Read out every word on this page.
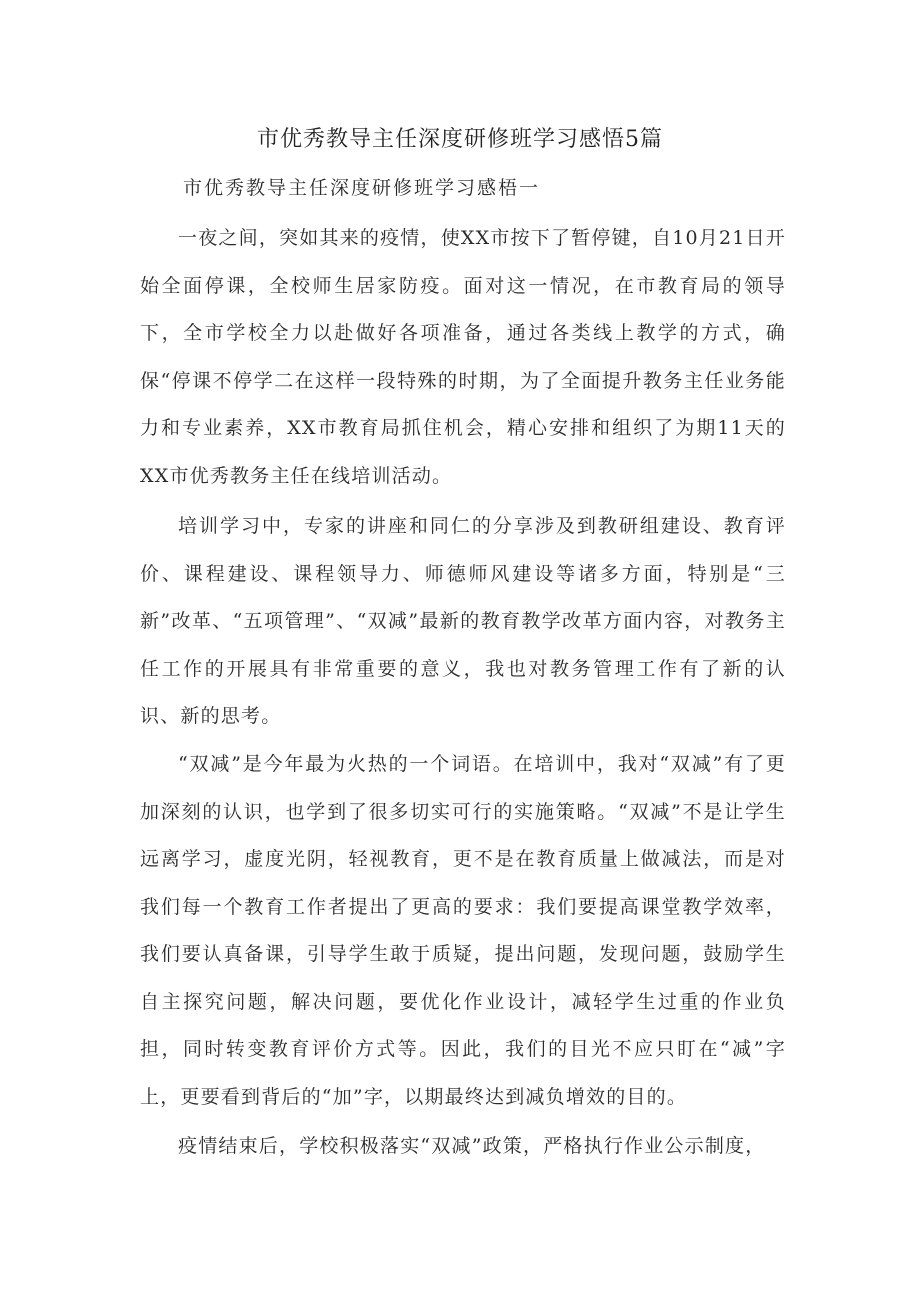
市优秀教导主任深度研修班学习感悟5篇
市优秀教导主任深度研修班学习感梧一

一夜之间，突如其来的疫情，使XX市按下了暂停键，自10月21日开始全面停课，全校师生居家防疫。面对这一情况，在市教育局的领导下，全市学校全力以赴做好各项准备，通过各类线上教学的方式，确保“停课不停学二在这样一段特殊的时期，为了全面提升教务主任业务能力和专业素养，XX市教育局抓住机会，精心安排和组织了为期11天的XX市优秀教务主任在线培训活动。

培训学习中，专家的讲座和同仁的分享涉及到教研组建设、教育评价、课程建设、课程领导力、师德师风建设等诸多方面，特别是“三新”改革、“五项管理”、“双减”最新的教育教学改革方面内容，对教务主任工作的开展具有非常重要的意义，我也对教务管理工作有了新的认识、新的思考。

“双减”是今年最为火热的一个词语。在培训中，我对“双减”有了更加深刻的认识，也学到了很多切实可行的实施策略。“双减”不是让学生远离学习，虚度光阴，轻视教育，更不是在教育质量上做减法，而是对我们每一个教育工作者提出了更高的要求：我们要提高课堂教学效率，我们要认真备课，引导学生敢于质疑，提出问题，发现问题，鼓励学生自主探究问题，解决问题，要优化作业设计，减轻学生过重的作业负担，同时转变教育评价方式等。因此，我们的目光不应只盯在“减”字上，更要看到背后的“加”字，以期最终达到减负增效的目的。

疫情结束后，学校积极落实“双减”政策，严格执行作业公示制度，
